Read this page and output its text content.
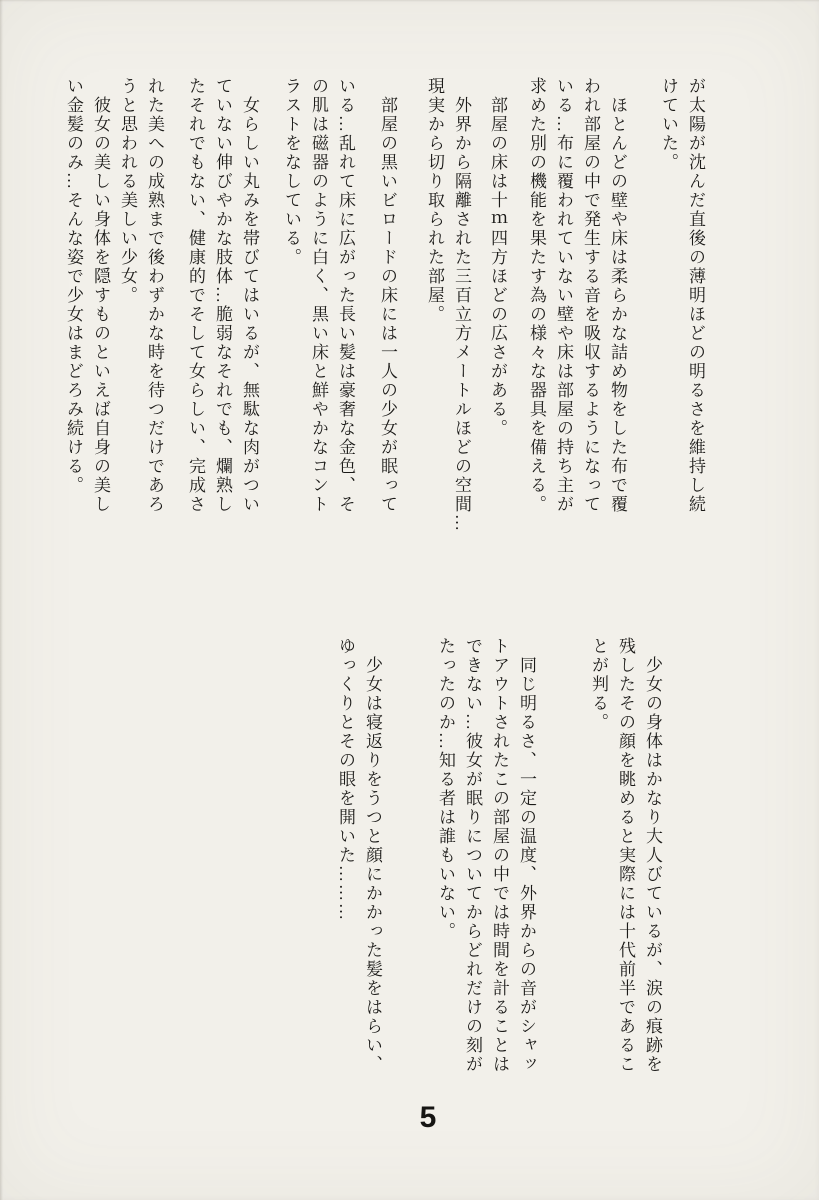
が太陽が沈んだ直後の薄明ほどの明るさを維持し続
けていた。
ほとんどの壁や床は柔らかな詰め物をした布で覆
われ部屋の中で発生する音を吸収するようになって
いる…布に覆われていない壁や床は部屋の持ち主が
求めた別の機能を果たす為の様々な器具を備える。
部屋の床は十ｍ四方ほどの広さがある。
外界から隔離された三百立方メートルほどの空間…
現実から切り取られた部屋。
部屋の黒いビロードの床には一人の少女が眠って
いる…乱れて床に広がった長い髪は豪奢な金色、そ
の肌は磁器のように白く、黒い床と鮮やかなコント
ラストをなしている。
女らしい丸みを帯びてはいるが、無駄な肉がつい
ていない伸びやかな肢体…脆弱なそれでも、爛熟し
たそれでもない、健康的でそして女らしい、完成さ
れた美への成熟まで後わずかな時を待つだけであろ
うと思われる美しい少女。
彼女の美しい身体を隠すものといえば自身の美し
い金髪のみ…そんな姿で少女はまどろみ続ける。
少女の身体はかなり大人びているが、涙の痕跡を
残したその顔を眺めると実際には十代前半であるこ
とが判る。
同じ明るさ、一定の温度、外界からの音がシャッ
トアウトされたこの部屋の中では時間を計ることは
できない…彼女が眠りについてからどれだけの刻が
たったのか…知る者は誰もいない。
少女は寝返りをうつと顔にかかった髪をはらい、
ゆっくりとその眼を開いた………
5
